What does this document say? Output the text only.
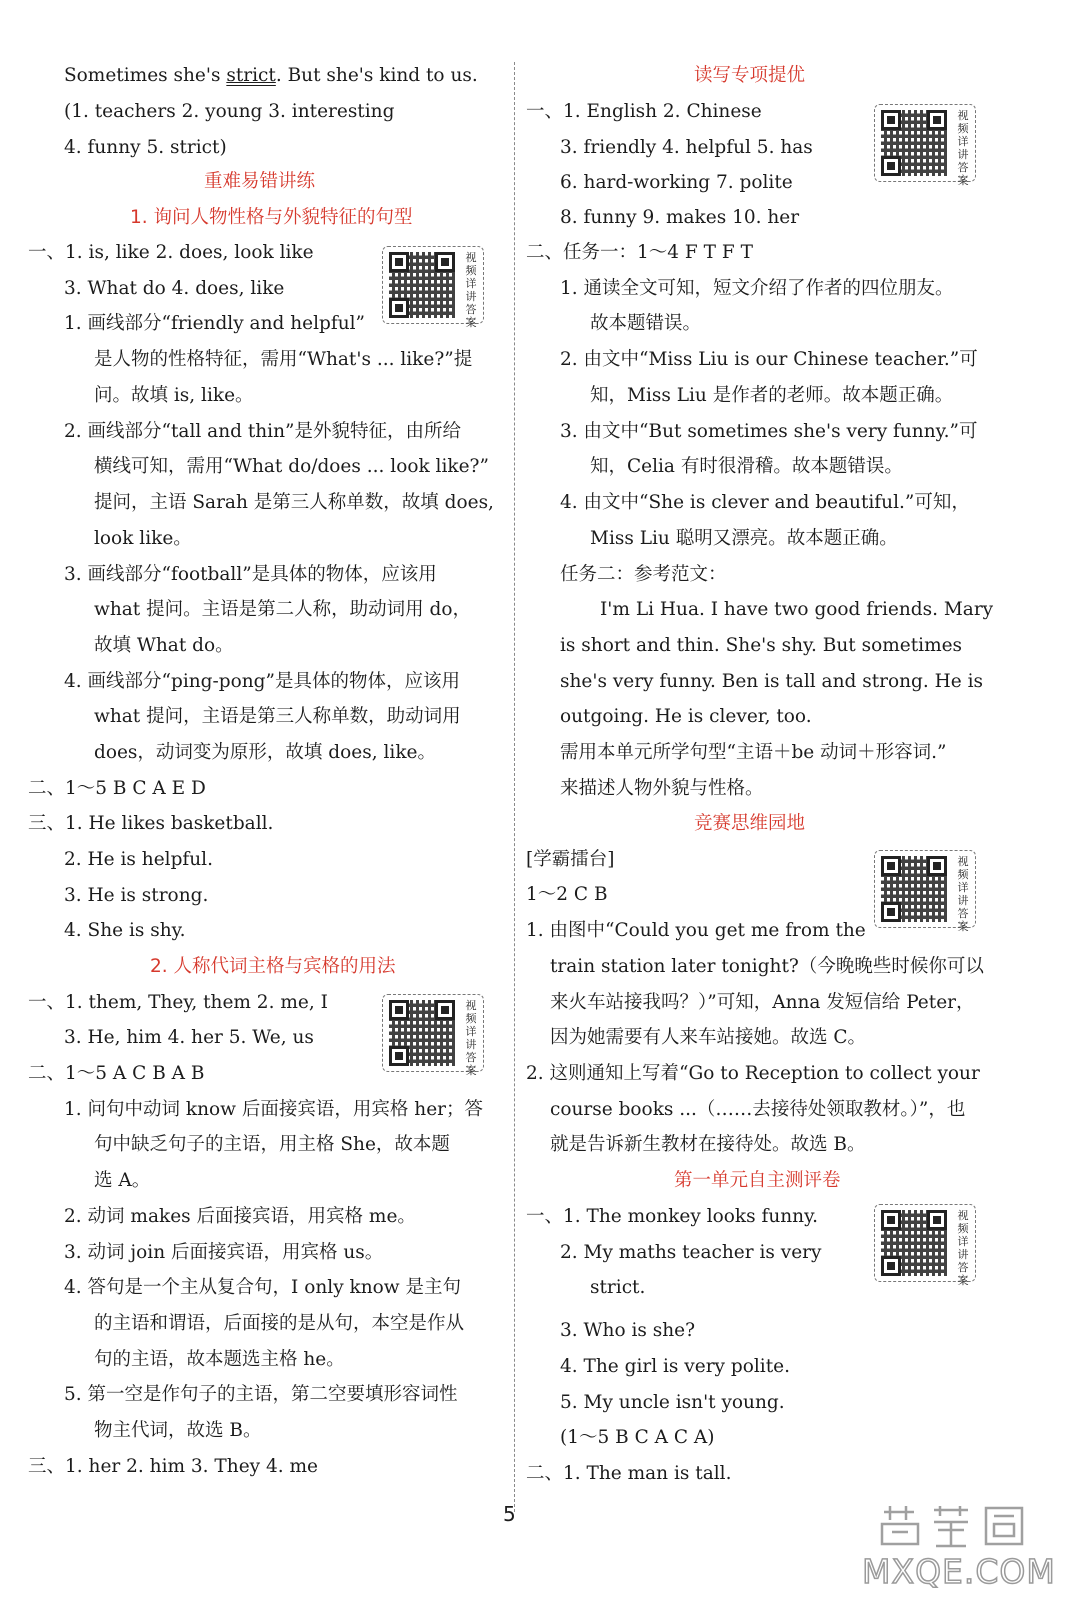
重难易错讲练
1. 询问人物性格与外貌特征的句型
2. 人称代词主格与宾格的用法
Sometimes she's strict. But she's kind to us.
(1. teachers 2. young 3. interesting
4. funny 5. strict)
一、1. is, like 2. does, look like
3. What do 4. does, like
1. 画线部分“friendly and helpful”
是人物的性格特征，需用“What's ... like?”提
问。故填 is, like。
2. 画线部分“tall and thin”是外貌特征，由所给
横线可知，需用“What do/does ... look like?”
提问，主语 Sarah 是第三人称单数，故填 does,
look like。
3. 画线部分“football”是具体的物体，应该用
what 提问。主语是第二人称，助动词用 do，
故填 What do。
4. 画线部分“ping-pong”是具体的物体，应该用
what 提问，主语是第三人称单数，助动词用
does，动词变为原形，故填 does, like。
二、1～5 B C A E D
三、1. He likes basketball.
2. He is helpful.
3. He is strong.
4. She is shy.
一、1. them, They, them 2. me, I
3. He, him 4. her 5. We, us
二、1～5 A C B A B
1. 问句中动词 know 后面接宾语，用宾格 her；答
句中缺乏句子的主语，用主格 She，故本题
选 A。
2. 动词 makes 后面接宾语，用宾格 me。
3. 动词 join 后面接宾语，用宾格 us。
4. 答句是一个主从复合句，I only know 是主句
的主语和谓语，后面接的是从句，本空是作从
句的主语，故本题选主格 he。
5. 第一空是作句子的主语，第二空要填形容词性
物主代词，故选 B。
三、1. her 2. him 3. They 4. me
视频详讲答案
视频详讲答案
读写专项提优
竞赛思维园地
第一单元自主测评卷
一、1. English 2. Chinese
3. friendly 4. helpful 5. has
6. hard-working 7. polite
8. funny 9. makes 10. her
二、任务一：1～4 F T F T
1. 通读全文可知，短文介绍了作者的四位朋友。
故本题错误。
2. 由文中“Miss Liu is our Chinese teacher.”可
知，Miss Liu 是作者的老师。故本题正确。
3. 由文中“But sometimes she's very funny.”可
知，Celia 有时很滑稽。故本题错误。
4. 由文中“She is clever and beautiful.”可知，
Miss Liu 聪明又漂亮。故本题正确。
任务二：参考范文：
I'm Li Hua. I have two good friends. Mary
is short and thin. She's shy. But sometimes
she's very funny. Ben is tall and strong. He is
outgoing. He is clever, too.
需用本单元所学句型“主语＋be 动词＋形容词.”
来描述人物外貌与性格。
[学霸擂台]
1～2 C B
1. 由图中“Could you get me from the
train station later tonight?（今晚晚些时候你可以
来火车站接我吗？）”可知，Anna 发短信给 Peter，
因为她需要有人来车站接她。故选 C。
2. 这则通知上写着“Go to Reception to collect your
course books ...（……去接待处领取教材。）”，也
就是告诉新生教材在接待处。故选 B。
一、1. The monkey looks funny.
2. My maths teacher is very
strict.
3. Who is she?
4. The girl is very polite.
5. My uncle isn't young.
(1～5 B C A C A)
二、1. The man is tall.
视频详讲答案
视频详讲答案
视频详讲答案
5
MXQE.COM
